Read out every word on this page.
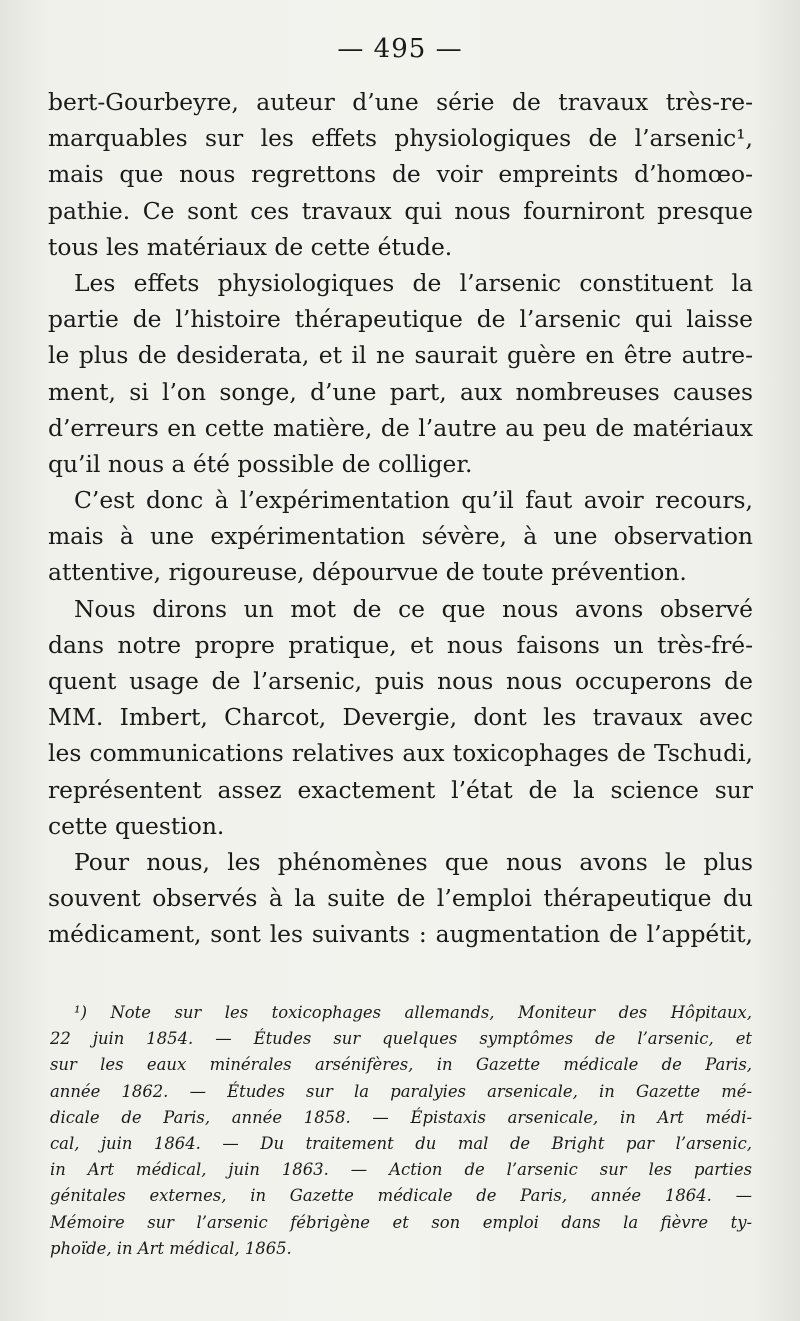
— 495 —
bert-Gourbeyre, auteur d’une série de travaux très-re-
marquables sur les effets physiologiques de l’arsenic¹,
mais que nous regrettons de voir empreints d’homœo-
pathie. Ce sont ces travaux qui nous fourniront presque
tous les matériaux de cette étude.
Les effets physiologiques de l’arsenic constituent la
partie de l’histoire thérapeutique de l’arsenic qui laisse
le plus de desiderata, et il ne saurait guère en être autre-
ment, si l’on songe, d’une part, aux nombreuses causes
d’erreurs en cette matière, de l’autre au peu de matériaux
qu’il nous a été possible de colliger.
C’est donc à l’expérimentation qu’il faut avoir recours,
mais à une expérimentation sévère, à une observation
attentive, rigoureuse, dépourvue de toute prévention.
Nous dirons un mot de ce que nous avons observé
dans notre propre pratique, et nous faisons un très-fré-
quent usage de l’arsenic, puis nous nous occuperons de
MM. Imbert, Charcot, Devergie, dont les travaux avec
les communications relatives aux toxicophages de Tschudi,
représentent assez exactement l’état de la science sur
cette question.
Pour nous, les phénomènes que nous avons le plus
souvent observés à la suite de l’emploi thérapeutique du
médicament, sont les suivants : augmentation de l’appétit,
¹) Note sur les toxicophages allemands, Moniteur des Hôpitaux,
22 juin 1854. — Études sur quelques symptômes de l’arsenic, et
sur les eaux minérales arsénifères, in Gazette médicale de Paris,
année 1862. — Études sur la paralyies arsenicale, in Gazette mé-
dicale de Paris, année 1858. — Épistaxis arsenicale, in Art médi-
cal, juin 1864. — Du traitement du mal de Bright par l’arsenic,
in Art médical, juin 1863. — Action de l’arsenic sur les parties
génitales externes, in Gazette médicale de Paris, année 1864. —
Mémoire sur l’arsenic fébrigène et son emploi dans la fièvre ty-
phoïde, in Art médical, 1865.
